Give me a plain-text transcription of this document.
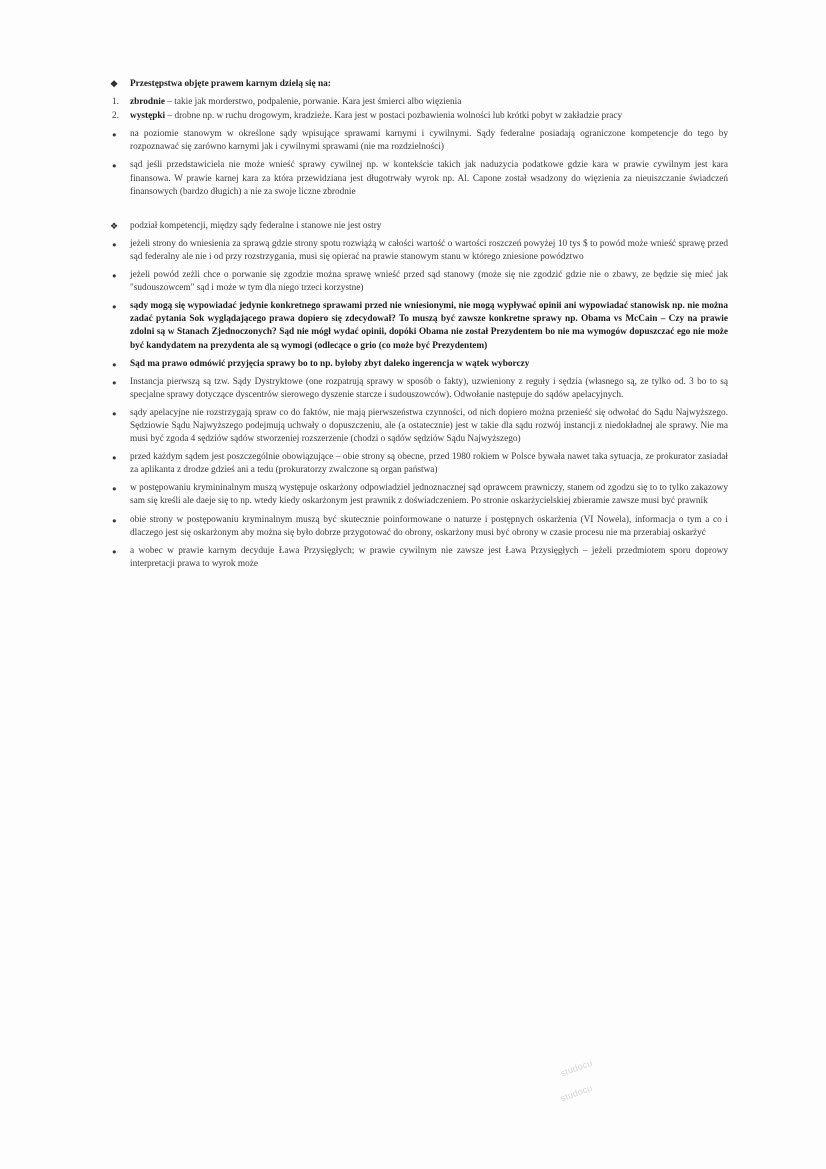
❖ Przestępstwa objęte prawem karnym dzielą się na:
1. zbrodnie – takie jak morderstwo, podpalenie, porwanie. Kara jest śmierci albo więzienia
2. występki – drobne np. w ruchu drogowym, kradzieże. Kara jest w postaci pozbawienia wolności lub krótki pobyt w zakładzie pracy
● na poziomie stanowym w określone sądy wpisujące sprawami karnymi i cywilnymi. Sądy federalne posiadają ograniczone kompetencje do tego by rozpoznawać się zarówno karnymi jak i cywilnymi sprawami (nie ma rozdzielności)
● sąd jeśli przedstawiciela nie może wnieść sprawy cywilnej np. w kontekście takich jak naduzycia podatkowe gdzie kara w prawie cywilnym jest kara finansowa. W prawie karnej kara za która przewidziana jest długotrwały wyrok np. Al. Capone został wsadzony do więzienia za nieuiszczanie świadczeń finansowych (bardzo długich) a nie za swoje liczne zbrodnie
❖ podział kompetencji, między sądy federalne i stanowe nie jest ostry
● jeżeli strony do wniesienia za sprawą gdzie strony spotu rozwiążą w całości wartość o wartości roszczeń powyżej 10 tys $ to powód może wnieść sprawę przed sąd federalny ale nie i od przy rozstrzygania, musi się opierać na prawie stanowym stanu w którego zniesione powództwo
● jeżeli powód zeżli chce o porwanie się zgodzie można sprawę wnieść przed sąd stanowy (może się nie zgodzić gdzie nie o zbawy, ze będzie się mieć jak "sudouszowcem" sąd i może w tym dla niego trzeci korzystne)
● sądy mogą się wypowiadać jedynie konkretnego sprawami przed nie wniesionymi, nie mogą wypływać opinii ani wypowiadać stanowisk np. nie można zadać pytania Sok wyglądającego prawa dopiero się zdecydował? To muszą być zawsze konkretne sprawy np. Obama vs McCain – Czy na prawie zdolni są w Stanach Zjednoczonych? Sąd nie mógł wydać opinii, dopóki Obama nie został Prezydentem bo nie ma wymogów dopuszczać ego nie może być kandydatem na prezydenta ale są wymogi (odlecące o grio (co może być Prezydentem)
● Sąd ma prawo odmówić przyjęcia sprawy bo to np. byłoby zbyt daleko ingerencja w wątek wyborczy
● Instancja pierwszą są tzw. Sądy Dystryktowe (one rozpatrują sprawy w sposób o fakty), uzwieniony z reguły i sędzia (własnego są, ze tylko od. 3 bo to są specjalne sprawy dotyczące dyscentrów sierowego dyszenie starcze i sudouszowców). Odwołanie następuje do sądów apelacyjnych.
● sądy apelacyjne nie rozstrzygają spraw co do faktów, nie mają pierwszeństwa czynności, od nich dopiero można przenieść się odwołać do Sądu Najwyższego. Sędziowie Sądu Najwyższego podejmują uchwały o dopuszczeniu, ale (a ostatecznie) jest w takie dla sądu rozwój instancji z niedokładnej ale sprawy. Nie ma musi być zgoda 4 sędziów sądów stworzeniej rozszerzenie (chodzi o sądów sędziów Sądu Najwyższego)
● przed każdym sądem jest poszczególnie obowiązujące – obie strony są obecne, przed 1980 rokiem w Polsce bywała nawet taka sytuacja, ze prokurator zasiadał za aplikanta z drodze gdzieś ani a tedu (prokuratorzy zwalczone są organ państwa)
● w postępowaniu krymininalnym muszą występuje oskarżony odpowiadziel jednoznacznej sąd oprawcem prawniczy, stanem od zgodzu się to to tylko zakazowy sam się kreśli ale daeje się to np. wtedy kiedy oskarżonym jest prawnik z doświadczeniem. Po stronie oskarżycielskiej zbieramie zawsze musi być prawnik
● obie strony w postępowaniu kryminalnym muszą być skutecznie poinformowane o naturze i postępnych oskarżenia (VI Nowela), informacja o tym a co i dlaczego jest się oskarżonym aby można się było dobrze przygotować do obrony, oskarżony musi być obrony w czasie procesu nie ma przerabiaj oskarżyć
● a wobec w prawie karnym decyduje Ława Przysięgłych; w prawie cywilnym nie zawsze jest Ława Przysięgłych – jeżeli przedmiotem sporu doprowy interpretacji prawa to wyrok może
studocu
studocu
